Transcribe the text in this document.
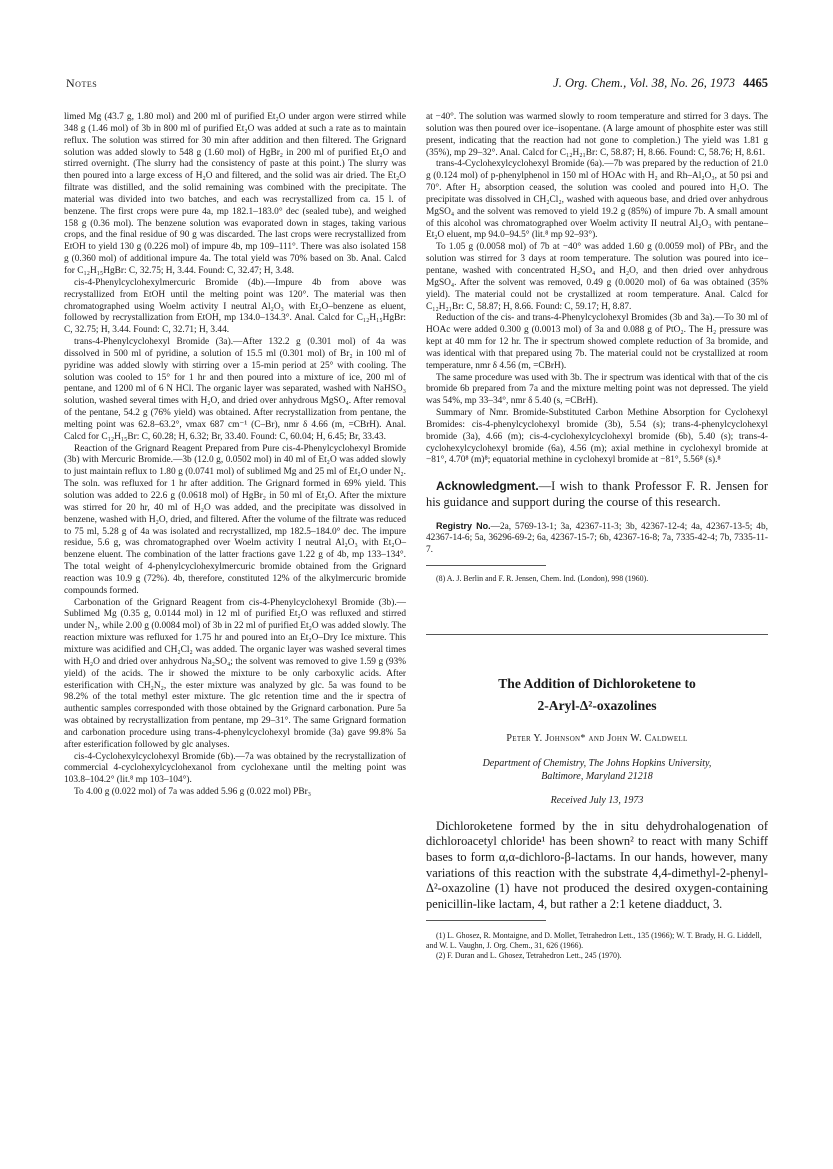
Notes	J. Org. Chem., Vol. 38, No. 26, 1973 4465

limed Mg (43.7 g, 1.80 mol) and 200 ml of purified Et₂O under argon were stirred while 348 g (1.46 mol) of 3b in 800 ml of purified Et₂O was added at such a rate as to maintain reflux. The solution was stirred for 30 min after addition and then filtered. The Grignard solution was added slowly to 548 g (1.60 mol) of HgBr₂ in 200 ml of purified Et₂O and stirred overnight. (The slurry had the consistency of paste at this point.) The slurry was then poured into a large excess of H₂O and filtered, and the solid was air dried. The Et₂O filtrate was distilled, and the solid remaining was combined with the precipitate. The material was divided into two batches, and each was recrystallized from ca. 15 l. of benzene. The first crops were pure 4a, mp 182.1–183.0° dec (sealed tube), and weighed 158 g (0.36 mol). The benzene solution was evaporated down in stages, taking various crops, and the final residue of 90 g was discarded. The last crops were recrystallized from EtOH to yield 130 g (0.226 mol) of impure 4b, mp 109–111°. There was also isolated 158 g (0.360 mol) of additional impure 4a. The total yield was 70% based on 3b. Anal. Calcd for C₁₂H₁₅HgBr: C, 32.75; H, 3.44. Found: C, 32.47; H, 3.48.

cis-4-Phenylcyclohexylmercuric Bromide (4b).—Impure 4b from above was recrystallized from EtOH until the melting point was 120°. The material was then chromatographed using Woelm activity I neutral Al₂O₃ with Et₂O–benzene as eluent, followed by recrystallization from EtOH, mp 134.0–134.3°. Anal. Calcd for C₁₂H₁₅HgBr: C, 32.75; H, 3.44. Found: C, 32.71; H, 3.44.

trans-4-Phenylcyclohexyl Bromide (3a).—After 132.2 g (0.301 mol) of 4a was dissolved in 500 ml of pyridine, a solution of 15.5 ml (0.301 mol) of Br₂ in 100 ml of pyridine was added slowly with stirring over a 15-min period at 25° with cooling. The solution was cooled to 15° for 1 hr and then poured into a mixture of ice, 200 ml of pentane, and 1200 ml of 6 N HCl. The organic layer was separated, washed with NaHSO₃ solution, washed several times with H₂O, and dried over anhydrous MgSO₄. After removal of the pentane, 54.2 g (76% yield) was obtained. After recrystallization from pentane, the melting point was 62.8–63.2°, νmax 687 cm⁻¹ (C–Br), nmr δ 4.66 (m, =CBrH). Anal. Calcd for C₁₂H₁₅Br: C, 60.28; H, 6.32; Br, 33.40. Found: C, 60.04; H, 6.45; Br, 33.43.

Reaction of the Grignard Reagent Prepared from Pure cis-4-Phenylcyclohexyl Bromide (3b) with Mercuric Bromide.—3b (12.0 g, 0.0502 mol) in 40 ml of Et₂O was added slowly to just maintain reflux to 1.80 g (0.0741 mol) of sublimed Mg and 25 ml of Et₂O under N₂. The soln. was refluxed for 1 hr after addition. The Grignard formed in 69% yield. This solution was added to 22.6 g (0.0618 mol) of HgBr₂ in 50 ml of Et₂O. After the mixture was stirred for 20 hr, 40 ml of H₂O was added, and the precipitate was dissolved in benzene, washed with H₂O, dried, and filtered. After the volume of the filtrate was reduced to 75 ml, 5.28 g of 4a was isolated and recrystallized, mp 182.5–184.0° dec. The impure residue, 5.6 g, was chromatographed over Woelm activity I neutral Al₂O₃ with Et₂O–benzene eluent. The combination of the latter fractions gave 1.22 g of 4b, mp 133–134°. The total weight of 4-phenylcyclohexylmercuric bromide obtained from the Grignard reaction was 10.9 g (72%). 4b, therefore, constituted 12% of the alkylmercuric bromide compounds formed.

Carbonation of the Grignard Reagent from cis-4-Phenylcyclohexyl Bromide (3b).—Sublimed Mg (0.35 g, 0.0144 mol) in 12 ml of purified Et₂O was refluxed and stirred under N₂, while 2.00 g (0.0084 mol) of 3b in 22 ml of purified Et₂O was added slowly. The reaction mixture was refluxed for 1.75 hr and poured into an Et₂O–Dry Ice mixture. This mixture was acidified and CH₂Cl₂ was added. The organic layer was washed several times with H₂O and dried over anhydrous Na₂SO₄; the solvent was removed to give 1.59 g (93% yield) of the acids. The ir showed the mixture to be only carboxylic acids. After esterification with CH₂N₂, the ester mixture was analyzed by glc. 5a was found to be 98.2% of the total methyl ester mixture. The glc retention time and the ir spectra of authentic samples corresponded with those obtained by the Grignard carbonation. Pure 5a was obtained by recrystallization from pentane, mp 29–31°. The same Grignard formation and carbonation procedure using trans-4-phenylcyclohexyl bromide (3a) gave 99.8% 5a after esterification followed by glc analyses.

cis-4-Cyclohexylcyclohexyl Bromide (6b).—7a was obtained by the recrystallization of commercial 4-cyclohexylcyclohexanol from cyclohexane until the melting point was 103.8–104.2° (lit.⁸ mp 103–104°).

To 4.00 g (0.022 mol) of 7a was added 5.96 g (0.022 mol) PBr₃

at −40°. The solution was warmed slowly to room temperature and stirred for 3 days. The solution was then poured over ice–isopentane. (A large amount of phosphite ester was still present, indicating that the reaction had not gone to completion.) The yield was 1.81 g (35%), mp 29–32°. Anal. Calcd for C₁₂H₂₁Br: C, 58.87; H, 8.66. Found: C, 58.76; H, 8.61.

trans-4-Cyclohexylcyclohexyl Bromide (6a).—7b was prepared by the reduction of 21.0 g (0.124 mol) of p-phenylphenol in 150 ml of HOAc with H₂ and Rh–Al₂O₃, at 50 psi and 70°. After H₂ absorption ceased, the solution was cooled and poured into H₂O. The precipitate was dissolved in CH₂Cl₂, washed with aqueous base, and dried over anhydrous MgSO₄ and the solvent was removed to yield 19.2 g (85%) of impure 7b. A small amount of this alcohol was chromatographed over Woelm activity II neutral Al₂O₃ with pentane–Et₂O eluent, mp 94.0–94.5° (lit.⁸ mp 92–93°).

To 1.05 g (0.0058 mol) of 7b at −40° was added 1.60 g (0.0059 mol) of PBr₃ and the solution was stirred for 3 days at room temperature. The solution was poured into ice–pentane, washed with concentrated H₂SO₄ and H₂O, and then dried over anhydrous MgSO₄. After the solvent was removed, 0.49 g (0.0020 mol) of 6a was obtained (35% yield). The material could not be crystallized at room temperature. Anal. Calcd for C₁₂H₂₁Br: C, 58.87; H, 8.66. Found: C, 59.17; H, 8.87.

Reduction of the cis- and trans-4-Phenylcyclohexyl Bromides (3b and 3a).—To 30 ml of HOAc were added 0.300 g (0.0013 mol) of 3a and 0.088 g of PtO₂. The H₂ pressure was kept at 40 mm for 12 hr. The ir spectrum showed complete reduction of 3a bromide, and was identical with that prepared using 7b. The material could not be crystallized at room temperature, nmr δ 4.56 (m, =CBrH).

The same procedure was used with 3b. The ir spectrum was identical with that of the cis bromide 6b prepared from 7a and the mixture melting point was not depressed. The yield was 54%, mp 33–34°, nmr δ 5.40 (s, =CBrH).

Summary of Nmr. Bromide-Substituted Carbon Methine Absorption for Cyclohexyl Bromides: cis-4-phenylcyclohexyl bromide (3b), 5.54 (s); trans-4-phenylcyclohexyl bromide (3a), 4.66 (m); cis-4-cyclohexylcyclohexyl bromide (6b), 5.40 (s); trans-4-cyclohexylcyclohexyl bromide (6a), 4.56 (m); axial methine in cyclohexyl bromide at −81°, 4.70⁸ (m)⁸; equatorial methine in cyclohexyl bromide at −81°, 5.56⁸ (s).⁸

Acknowledgment.—I wish to thank Professor F. R. Jensen for his guidance and support during the course of this research.

Registry No.—2a, 5769-13-1; 3a, 42367-11-3; 3b, 42367-12-4; 4a, 42367-13-5; 4b, 42367-14-6; 5a, 36296-69-2; 6a, 42367-15-7; 6b, 42367-16-8; 7a, 7335-42-4; 7b, 7335-11-7.

(8) A. J. Berlin and F. R. Jensen, Chem. Ind. (London), 998 (1960).
The Addition of Dichloroketene to
2-Aryl-Δ²-oxazolines
Peter Y. Johnson* and John W. Caldwell
Department of Chemistry, The Johns Hopkins University,
Baltimore, Maryland 21218
Received July 13, 1973

Dichloroketene formed by the in situ dehydrohalogenation of dichloroacetyl chloride¹ has been shown² to react with many Schiff bases to form α,α-dichloro-β-lactams. In our hands, however, many variations of this reaction with the substrate 4,4-dimethyl-2-phenyl-Δ²-oxazoline (1) have not produced the desired oxygen-containing penicillin-like lactam, 4, but rather a 2:1 ketene diadduct, 3.

(1) L. Ghosez, R. Montaigne, and D. Mollet, Tetrahedron Lett., 135 (1966); W. T. Brady, H. G. Liddell, and W. L. Vaughn, J. Org. Chem., 31, 626 (1966).
(2) F. Duran and L. Ghosez, Tetrahedron Lett., 245 (1970).
